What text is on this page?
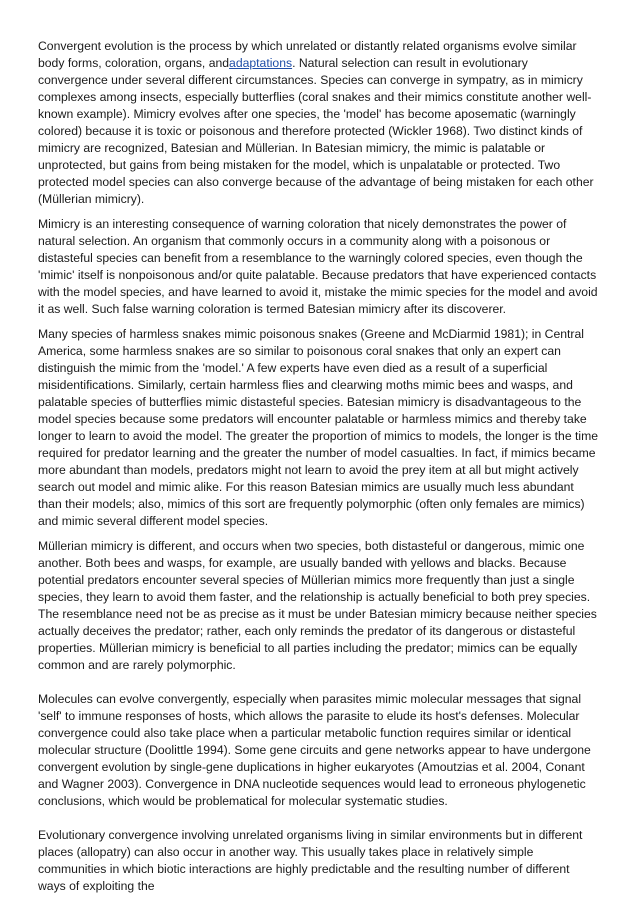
Convergent evolution is the process by which unrelated or distantly related organisms evolve similar body forms, coloration, organs, andadaptations. Natural selection can result in evolutionary convergence under several different circumstances. Species can converge in sympatry, as in mimicry complexes among insects, especially butterflies (coral snakes and their mimics constitute another well-known example). Mimicry evolves after one species, the 'model' has become aposematic (warningly colored) because it is toxic or poisonous and therefore protected (Wickler 1968). Two distinct kinds of mimicry are recognized, Batesian and Müllerian. In Batesian mimicry, the mimic is palatable or unprotected, but gains from being mistaken for the model, which is unpalatable or protected. Two protected model species can also converge because of the advantage of being mistaken for each other (Müllerian mimicry).

Mimicry is an interesting consequence of warning coloration that nicely demonstrates the power of natural selection. An organism that commonly occurs in a community along with a poisonous or distasteful species can benefit from a resemblance to the warningly colored species, even though the 'mimic' itself is nonpoisonous and/or quite palatable. Because predators that have experienced contacts with the model species, and have learned to avoid it, mistake the mimic species for the model and avoid it as well. Such false warning coloration is termed Batesian mimicry after its discoverer.

Many species of harmless snakes mimic poisonous snakes (Greene and McDiarmid 1981); in Central America, some harmless snakes are so similar to poisonous coral snakes that only an expert can distinguish the mimic from the 'model.' A few experts have even died as a result of a superficial misidentifications. Similarly, certain harmless flies and clearwing moths mimic bees and wasps, and palatable species of butterflies mimic distasteful species. Batesian mimicry is disadvantageous to the model species because some predators will encounter palatable or harmless mimics and thereby take longer to learn to avoid the model. The greater the proportion of mimics to models, the longer is the time required for predator learning and the greater the number of model casualties. In fact, if mimics became more abundant than models, predators might not learn to avoid the prey item at all but might actively search out model and mimic alike. For this reason Batesian mimics are usually much less abundant than their models; also, mimics of this sort are frequently polymorphic (often only females are mimics) and mimic several different model species.

Müllerian mimicry is different, and occurs when two species, both distasteful or dangerous, mimic one another. Both bees and wasps, for example, are usually banded with yellows and blacks. Because potential predators encounter several species of Müllerian mimics more frequently than just a single species, they learn to avoid them faster, and the relationship is actually beneficial to both prey species. The resemblance need not be as precise as it must be under Batesian mimicry because neither species actually deceives the predator; rather, each only reminds the predator of its dangerous or distasteful properties. Müllerian mimicry is beneficial to all parties including the predator; mimics can be equally common and are rarely polymorphic.

Molecules can evolve convergently, especially when parasites mimic molecular messages that signal 'self' to immune responses of hosts, which allows the parasite to elude its host's defenses. Molecular convergence could also take place when a particular metabolic function requires similar or identical molecular structure (Doolittle 1994). Some gene circuits and gene networks appear to have undergone convergent evolution by single-gene duplications in higher eukaryotes (Amoutzias et al. 2004, Conant and Wagner 2003). Convergence in DNA nucleotide sequences would lead to erroneous phylogenetic conclusions, which would be problematical for molecular systematic studies.

Evolutionary convergence involving unrelated organisms living in similar environments but in different places (allopatry) can also occur in another way. This usually takes place in relatively simple communities in which biotic interactions are highly predictable and the resulting number of different ways of exploiting the
